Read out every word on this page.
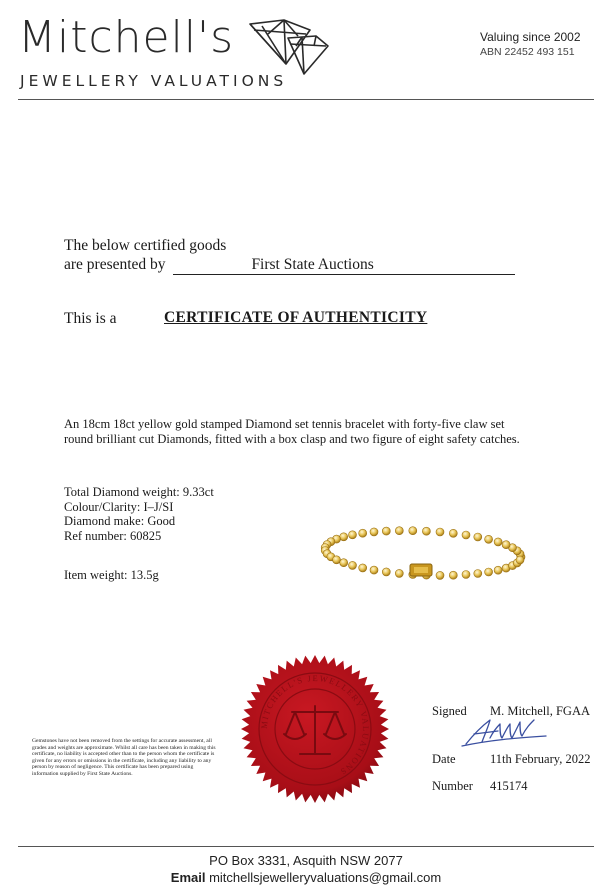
Mitchell's
JEWELLERY VALUATIONS
Valuing since 2002
ABN 22452 493 151
The below certified goods
are presented by	First State Auctions
This is a	CERTIFICATE OF AUTHENTICITY
An 18cm 18ct yellow gold stamped Diamond set tennis bracelet with forty-five claw set round brilliant cut Diamonds, fitted with a box clasp and two figure of eight safety catches.
Total Diamond weight: 9.33ct
Colour/Clarity: I–J/SI
Diamond make: Good
Ref number: 60825
Item weight: 13.5g
MITCHELL'S JEWELLERY VALUATIONS
Gemstones have not been removed from the settings for accurate assessment, all grades and weights are approximate. Whilst all care has been taken in making this certificate, no liability is accepted other than to the person whom the certificate is given for any errors or omissions in the certificate, including any liability to any person by reason of negligence. This certificate has been prepared using information supplied by First State Auctions.
Signed M. Mitchell, FGAA
Date	11th February, 2022
Number 415174
PO Box 3331, Asquith NSW 2077
Email mitchellsjewelleryvaluations@gmail.com
